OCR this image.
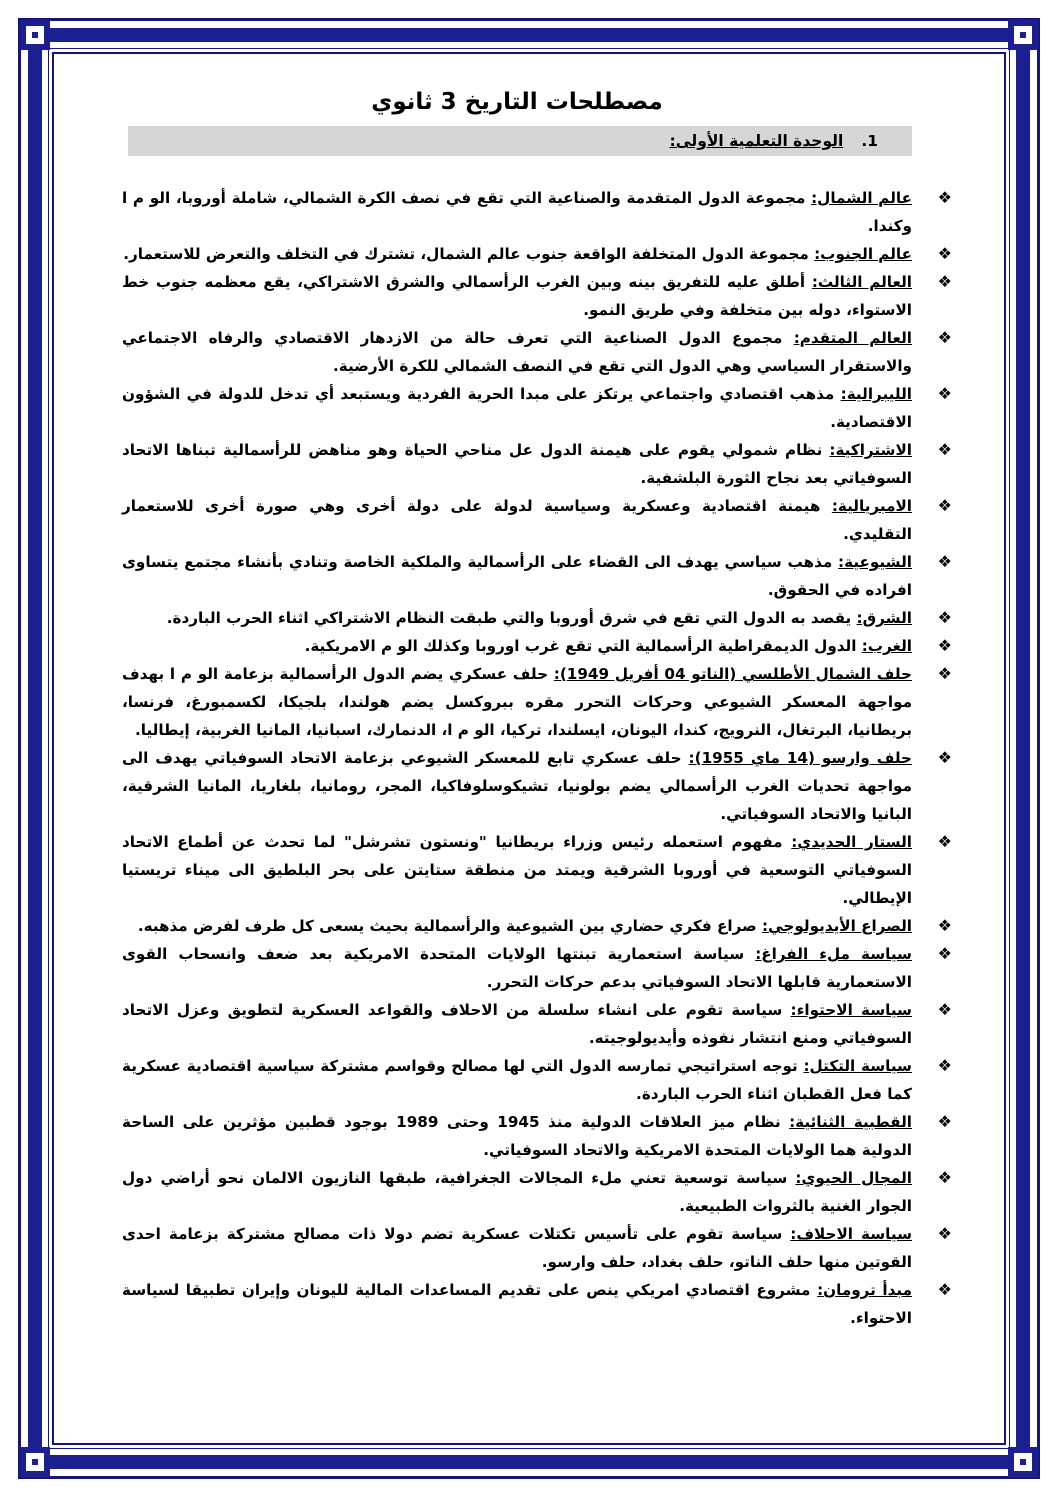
مصطلحات التاريخ 3 ثانوي
1.
الوحدة التعلمية الأولى:
❖
عالم الشمال: مجموعة الدول المتقدمة والصناعية التي تقع في نصف الكرة الشمالي، شاملة أوروبا، الو م ا وكندا.
❖
عالم الجنوب: مجموعة الدول المتخلفة الواقعة جنوب عالم الشمال، تشترك في التخلف والتعرض للاستعمار.
❖
العالم الثالث: أطلق عليه للتفريق بينه وبين الغرب الرأسمالي والشرق الاشتراكي، يقع معظمه جنوب خط الاستواء، دوله بين متخلفة وفي طريق النمو.
❖
العالم المتقدم: مجموع الدول الصناعية التي تعرف حالة من الازدهار الاقتصادي والرفاه الاجتماعي والاستقرار السياسي وهي الدول التي تقع في النصف الشمالي للكرة الأرضية.
❖
الليبرالية: مذهب اقتصادي واجتماعي يرتكز على مبدا الحرية الفردية ويستبعد أي تدخل للدولة في الشؤون الاقتصادية.
❖
الاشتراكية: نظام شمولي يقوم على هيمنة الدول عل مناحي الحياة وهو مناهض للرأسمالية تبناها الاتحاد السوفياتي بعد نجاح الثورة البلشفية.
❖
الامبريالية: هيمنة اقتصادية وعسكرية وسياسية لدولة على دولة أخرى وهي صورة أخرى للاستعمار التقليدي.
❖
الشيوعية: مذهب سياسي يهدف الى القضاء على الرأسمالية والملكية الخاصة وتنادي بأنشاء مجتمع يتساوى افراده في الحقوق.
❖
الشرق: يقصد به الدول التي تقع في شرق أوروبا والتي طبقت النظام الاشتراكي اثناء الحرب الباردة.
❖
الغرب: الدول الديمقراطية الرأسمالية التي تقع غرب اوروبا وكذلك الو م الامريكية.
❖
حلف الشمال الأطلسي (الناتو 04 أفريل 1949): حلف عسكري يضم الدول الرأسمالية بزعامة الو م ا بهدف مواجهة المعسكر الشيوعي وحركات التحرر مقره ببروكسل يضم هولندا، بلجيكا، لكسمبورغ، فرنسا، بريطانيا، البرتغال، النرويج، كندا، اليونان، ايسلندا، تركيا، الو م ا، الدنمارك، اسبانيا، المانيا الغربية، إيطاليا.
❖
حلف وارسو (14 ماي 1955): حلف عسكري تابع للمعسكر الشيوعي بزعامة الاتحاد السوفياتي يهدف الى مواجهة تحديات الغرب الرأسمالي يضم بولونيا، تشيكوسلوفاكيا، المجر، رومانيا، بلغاريا، المانيا الشرقية، البانيا والاتحاد السوفياتي.
❖
الستار الحديدي: مفهوم استعمله رئيس وزراء بريطانيا "ونستون تشرشل" لما تحدث عن أطماع الاتحاد السوفياتي التوسعية في أوروبا الشرقية ويمتد من منطقة ستايتن على بحر البلطيق الى ميناء تريستيا الإيطالي.
❖
الصراع الأيديولوجي: صراع فكري حضاري بين الشيوعية والرأسمالية بحيث يسعى كل طرف لفرض مذهبه.
❖
سياسة ملء الفراغ: سياسة استعمارية تبنتها الولايات المتحدة الامريكية بعد ضعف وانسحاب القوى الاستعمارية قابلها الاتحاد السوفياتي بدعم حركات التحرر.
❖
سياسة الاحتواء: سياسة تقوم على انشاء سلسلة من الاحلاف والقواعد العسكرية لتطويق وعزل الاتحاد السوفياتي ومنع انتشار نفوذه وأيديولوجيته.
❖
سياسة التكتل: توجه استراتيجي تمارسه الدول التي لها مصالح وقواسم مشتركة سياسية اقتصادية عسكرية كما فعل القطبان اثناء الحرب الباردة.
❖
القطبية الثنائية: نظام ميز العلاقات الدولية منذ 1945 وحتى 1989 بوجود قطبين مؤثرين على الساحة الدولية هما الولايات المتحدة الامريكية والاتحاد السوفياتي.
❖
المجال الحيوي: سياسة توسعية تعني ملء المجالات الجغرافية، طبقها النازيون الالمان نحو أراضي دول الجوار الغنية بالثروات الطبيعية.
❖
سياسة الاحلاف: سياسة تقوم على تأسيس تكتلات عسكرية تضم دولا ذات مصالح مشتركة بزعامة احدى القوتين منها حلف الناتو، حلف بغداد، حلف وارسو.
❖
مبدأ ترومان: مشروع اقتصادي امريكي ينص على تقديم المساعدات المالية لليونان وإيران تطبيقا لسياسة الاحتواء.
